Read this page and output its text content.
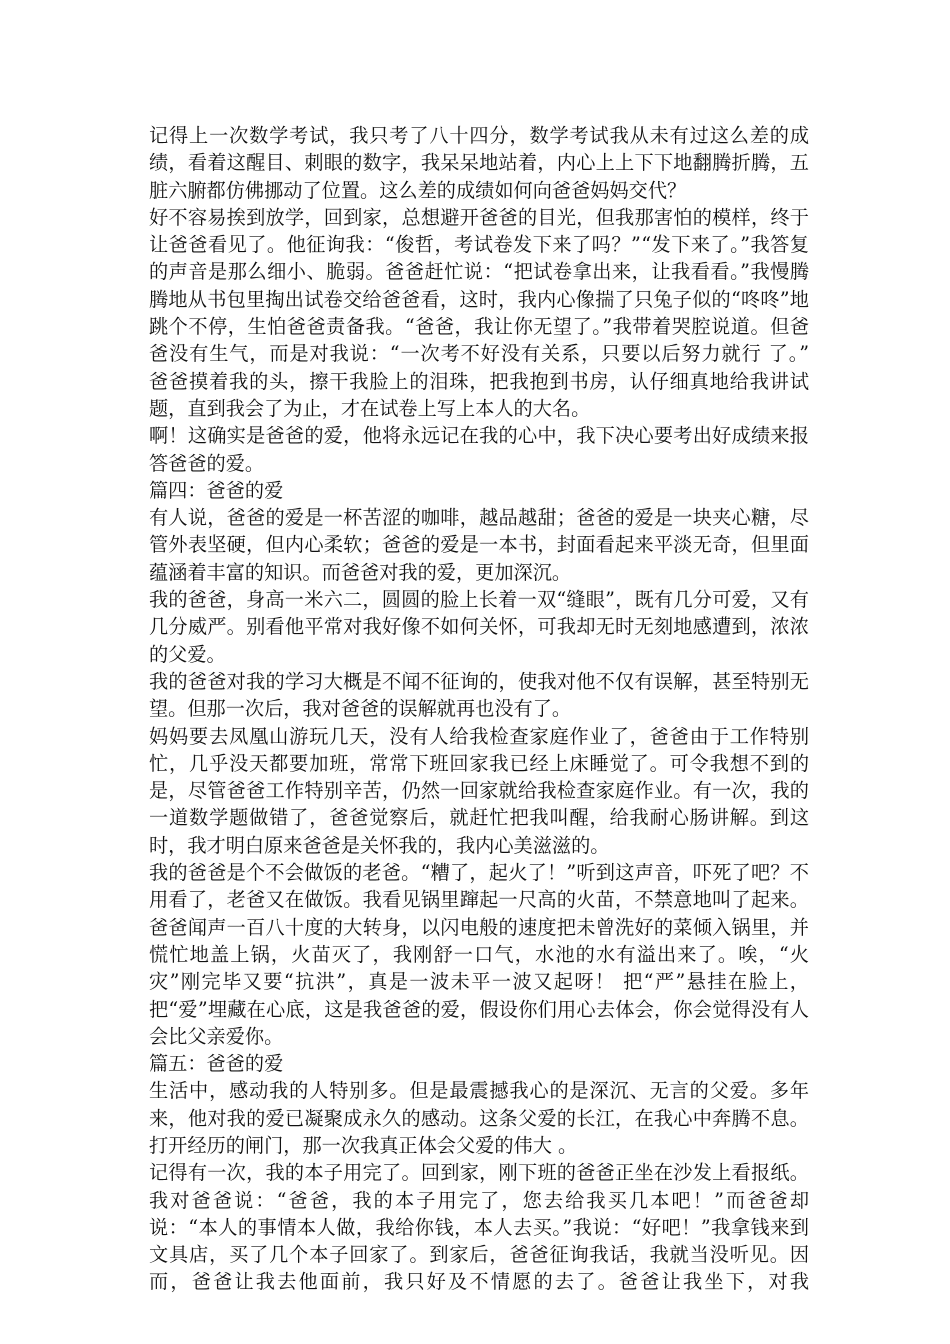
记得上一次数学考试，我只考了八十四分，数学考试我从未有过这么差的成
绩，看着这醒目、刺眼的数字，我呆呆地站着，内心上上下下地翻腾折腾，五
脏六腑都仿佛挪动了位置。这么差的成绩如何向爸爸妈妈交代？
好不容易挨到放学，回到家，总想避开爸爸的目光，但我那害怕的模样，终于
让爸爸看见了。他征询我：“俊哲，考试卷发下来了吗？”“发下来了。”我答复
的声音是那么细小、脆弱。爸爸赶忙说：“把试卷拿出来，让我看看。”我慢腾
腾地从书包里掏出试卷交给爸爸看，这时，我内心像揣了只兔子似的“咚咚”地
跳个不停，生怕爸爸责备我。“爸爸，我让你无望了。”我带着哭腔说道。但爸
爸没有生气，而是对我说：“一次考不好没有关系，只要以后努力就行 了。”
爸爸摸着我的头，擦干我脸上的泪珠，把我抱到书房，认仔细真地给我讲试
题，直到我会了为止，才在试卷上写上本人的大名。
啊！这确实是爸爸的爱，他将永远记在我的心中，我下决心要考出好成绩来报
答爸爸的爱。
篇四：爸爸的爱
有人说，爸爸的爱是一杯苦涩的咖啡，越品越甜；爸爸的爱是一块夹心糖，尽
管外表坚硬，但内心柔软；爸爸的爱是一本书，封面看起来平淡无奇，但里面
蕴涵着丰富的知识。而爸爸对我的爱，更加深沉。
我的爸爸，身高一米六二，圆圆的脸上长着一双“缝眼”，既有几分可爱，又有
几分威严。别看他平常对我好像不如何关怀，可我却无时无刻地感遭到，浓浓
的父爱。
我的爸爸对我的学习大概是不闻不征询的，使我对他不仅有误解，甚至特别无
望。但那一次后，我对爸爸的误解就再也没有了。
妈妈要去凤凰山游玩几天，没有人给我检查家庭作业了，爸爸由于工作特别
忙，几乎没天都要加班，常常下班回家我已经上床睡觉了。可令我想不到的
是，尽管爸爸工作特别辛苦，仍然一回家就给我检查家庭作业。有一次，我的
一道数学题做错了，爸爸觉察后，就赶忙把我叫醒，给我耐心肠讲解。到这
时，我才明白原来爸爸是关怀我的，我内心美滋滋的。
我的爸爸是个不会做饭的老爸。“糟了，起火了！”听到这声音，吓死了吧？不
用看了，老爸又在做饭。我看见锅里蹿起一尺高的火苗，不禁意地叫了起来。
爸爸闻声一百八十度的大转身，以闪电般的速度把未曾洗好的菜倾入锅里，并
慌忙地盖上锅，火苗灭了，我刚舒一口气，水池的水有溢出来了。唉，“火
灾”刚完毕又要“抗洪”，真是一波未平一波又起呀！ 把“严”悬挂在脸上，
把“爱”埋藏在心底，这是我爸爸的爱，假设你们用心去体会，你会觉得没有人
会比父亲爱你。
篇五：爸爸的爱
生活中，感动我的人特别多。但是最震撼我心的是深沉、无言的父爱。多年
来，他对我的爱已凝聚成永久的感动。这条父爱的长江，在我心中奔腾不息。
打开经历的闸门，那一次我真正体会父爱的伟大 。
记得有一次，我的本子用完了。回到家，刚下班的爸爸正坐在沙发上看报纸。
我对爸爸说：“爸爸，我的本子用完了，您去给我买几本吧！”而爸爸却
说：“本人的事情本人做，我给你钱，本人去买。”我说：“好吧！”我拿钱来到
文具店，买了几个本子回家了。到家后，爸爸征询我话，我就当没听见。因
而，爸爸让我去他面前，我只好及不情愿的去了。爸爸让我坐下，对我
